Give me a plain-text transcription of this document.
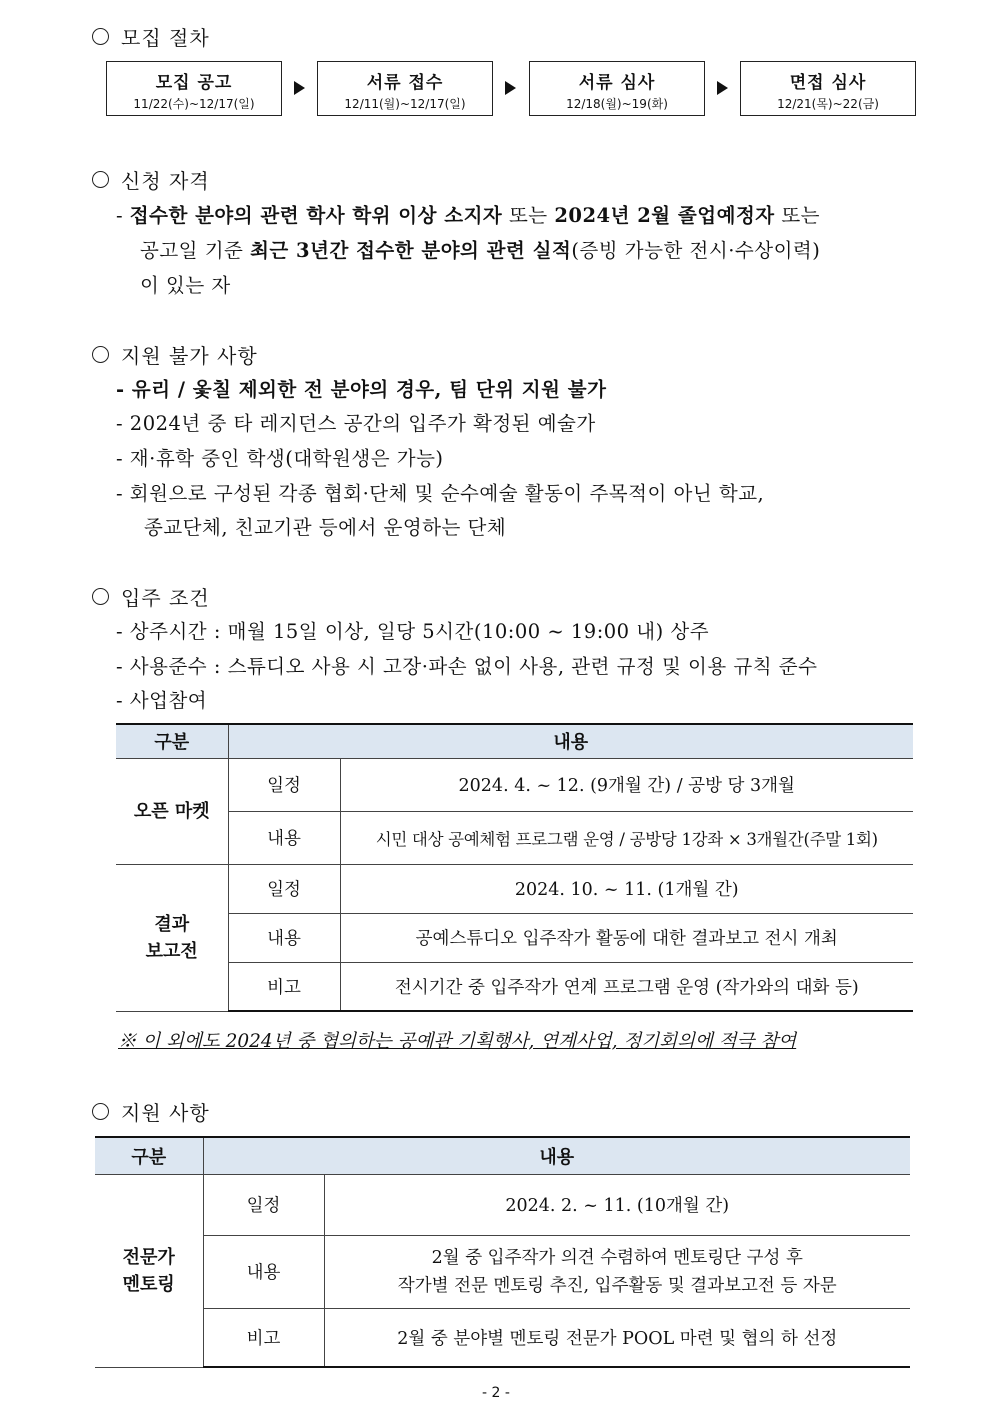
모집 절차
모집 공고
11/22(수)~12/17(일)
서류 접수
12/11(월)~12/17(일)
서류 심사
12/18(월)~19(화)
면접 심사
12/21(목)~22(금)
신청 자격
- 접수한 분야의 관련 학사 학위 이상 소지자 또는 2024년 2월 졸업예정자 또는
공고일 기준 최근 3년간 접수한 분야의 관련 실적(증빙 가능한 전시·수상이력)
이 있는 자
지원 불가 사항
- 유리 / 옻칠 제외한 전 분야의 경우, 팀 단위 지원 불가
- 2024년 중 타 레지던스 공간의 입주가 확정된 예술가
- 재·휴학 중인 학생(대학원생은 가능)
- 회원으로 구성된 각종 협회·단체 및 순수예술 활동이 주목적이 아닌 학교,
종교단체, 친교기관 등에서 운영하는 단체
입주 조건
- 상주시간 : 매월 15일 이상, 일당 5시간(10:00 ~ 19:00 내) 상주
- 사용준수 : 스튜디오 사용 시 고장·파손 없이 사용, 관련 규정 및 이용 규칙 준수
- 사업참여
구분	내용	
오픈 마켓	일정	2024. 4. ~ 12. (9개월 간) / 공방 당 3개월
	내용	시민 대상 공예체험 프로그램 운영 / 공방당 1강좌 × 3개월간(주말 1회)
결과
보고전	일정	2024. 10. ~ 11. (1개월 간)
	내용	공예스튜디오 입주작가 활동에 대한 결과보고 전시 개최
	비고	전시기간 중 입주작가 연계 프로그램 운영 (작가와의 대화 등)
※ 이 외에도 2024년 중 협의하는 공예관 기획행사, 연계사업, 정기회의에 적극 참여
지원 사항
구분	내용	
전문가
멘토링	일정	2024. 2. ~ 11. (10개월 간)
	내용	2월 중 입주작가 의견 수렴하여 멘토링단 구성 후
작가별 전문 멘토링 추진, 입주활동 및 결과보고전 등 자문
	비고	2월 중 분야별 멘토링 전문가 POOL 마련 및 협의 하 선정
- 2 -
